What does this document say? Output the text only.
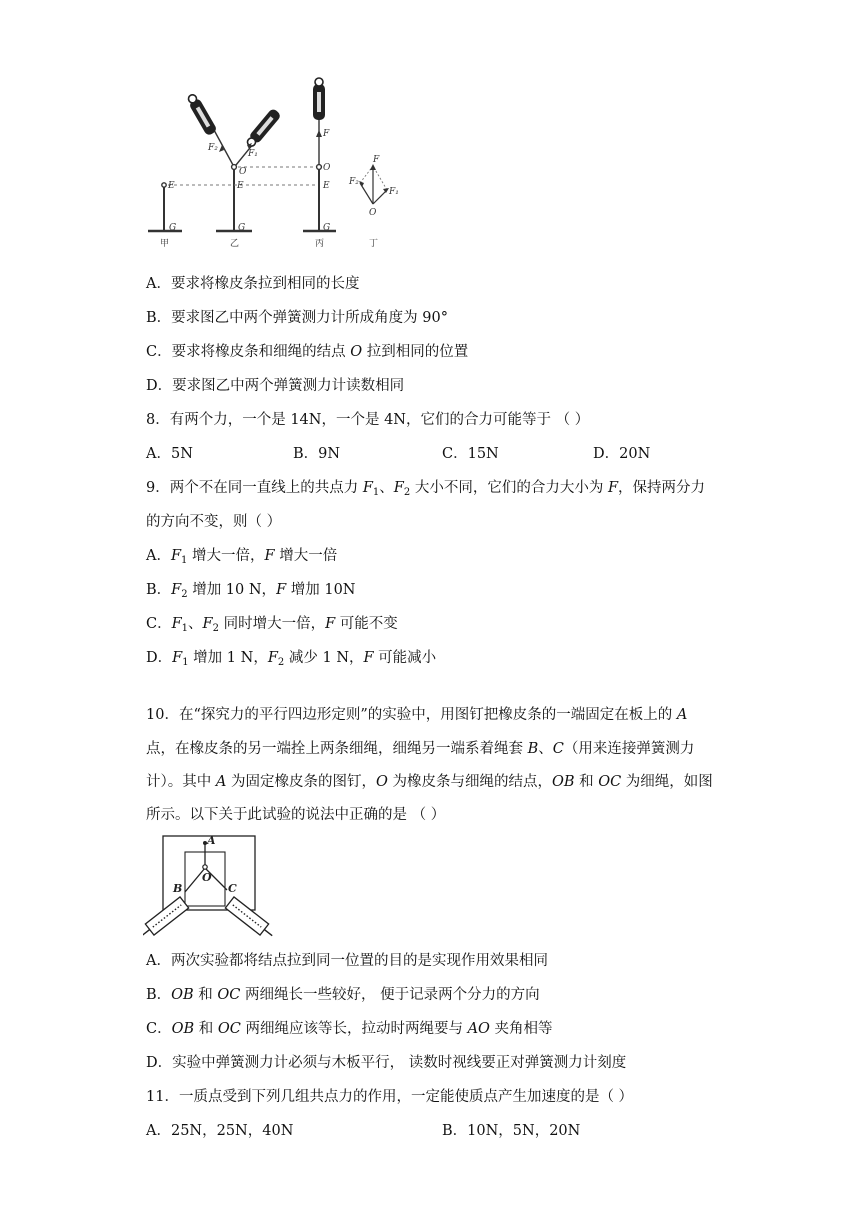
E
G
E
G
O
F₂
F₁
E
G
O
F
F
F₂
F₁
O
甲	乙	丙	丁
A．要求将橡皮条拉到相同的长度
B．要求图乙中两个弹簧测力计所成角度为 90°
C．要求将橡皮条和细绳的结点 O 拉到相同的位置
D．要求图乙中两个弹簧测力计读数相同
8．有两个力，一个是 14N，一个是 4N，它们的合力可能等于 （ ）
A．5N	B．9N	C．15N	D．20N
9．两个不在同一直线上的共点力 $F_1$、$F_2$ 大小不同，它们的合力大小为 F，保持两分力
的方向不变，则（ ）
A．$F_1$ 增大一倍，F 增大一倍
B．$F_2$ 增加 10 N，F 增加 10N
C．$F_1$、$F_2$ 同时增大一倍，F 可能不变
D．$F_1$ 增加 1 N，$F_2$ 减少 1 N，F 可能减小
10．在“探究力的平行四边形定则”的实验中，用图钉把橡皮条的一端固定在板上的 A
点，在橡皮条的另一端拴上两条细绳，细绳另一端系着绳套 B、C（用来连接弹簧测力
计）。其中 A 为固定橡皮条的图钉，O 为橡皮条与细绳的结点，OB 和 OC 为细绳，如图
所示。以下关于此试验的说法中正确的是 （ ）
A
O
B	C
A．两次实验都将结点拉到同一位置的目的是实现作用效果相同
B．OB 和 OC 两细绳长一些较好， 便于记录两个分力的方向
C．OB 和 OC 两细绳应该等长，拉动时两绳要与 AO 夹角相等
D．实验中弹簧测力计必须与木板平行， 读数时视线要正对弹簧测力计刻度
11．一质点受到下列几组共点力的作用，一定能使质点产生加速度的是（ ）
A．25N，25N，40N	B．10N，5N，20N
